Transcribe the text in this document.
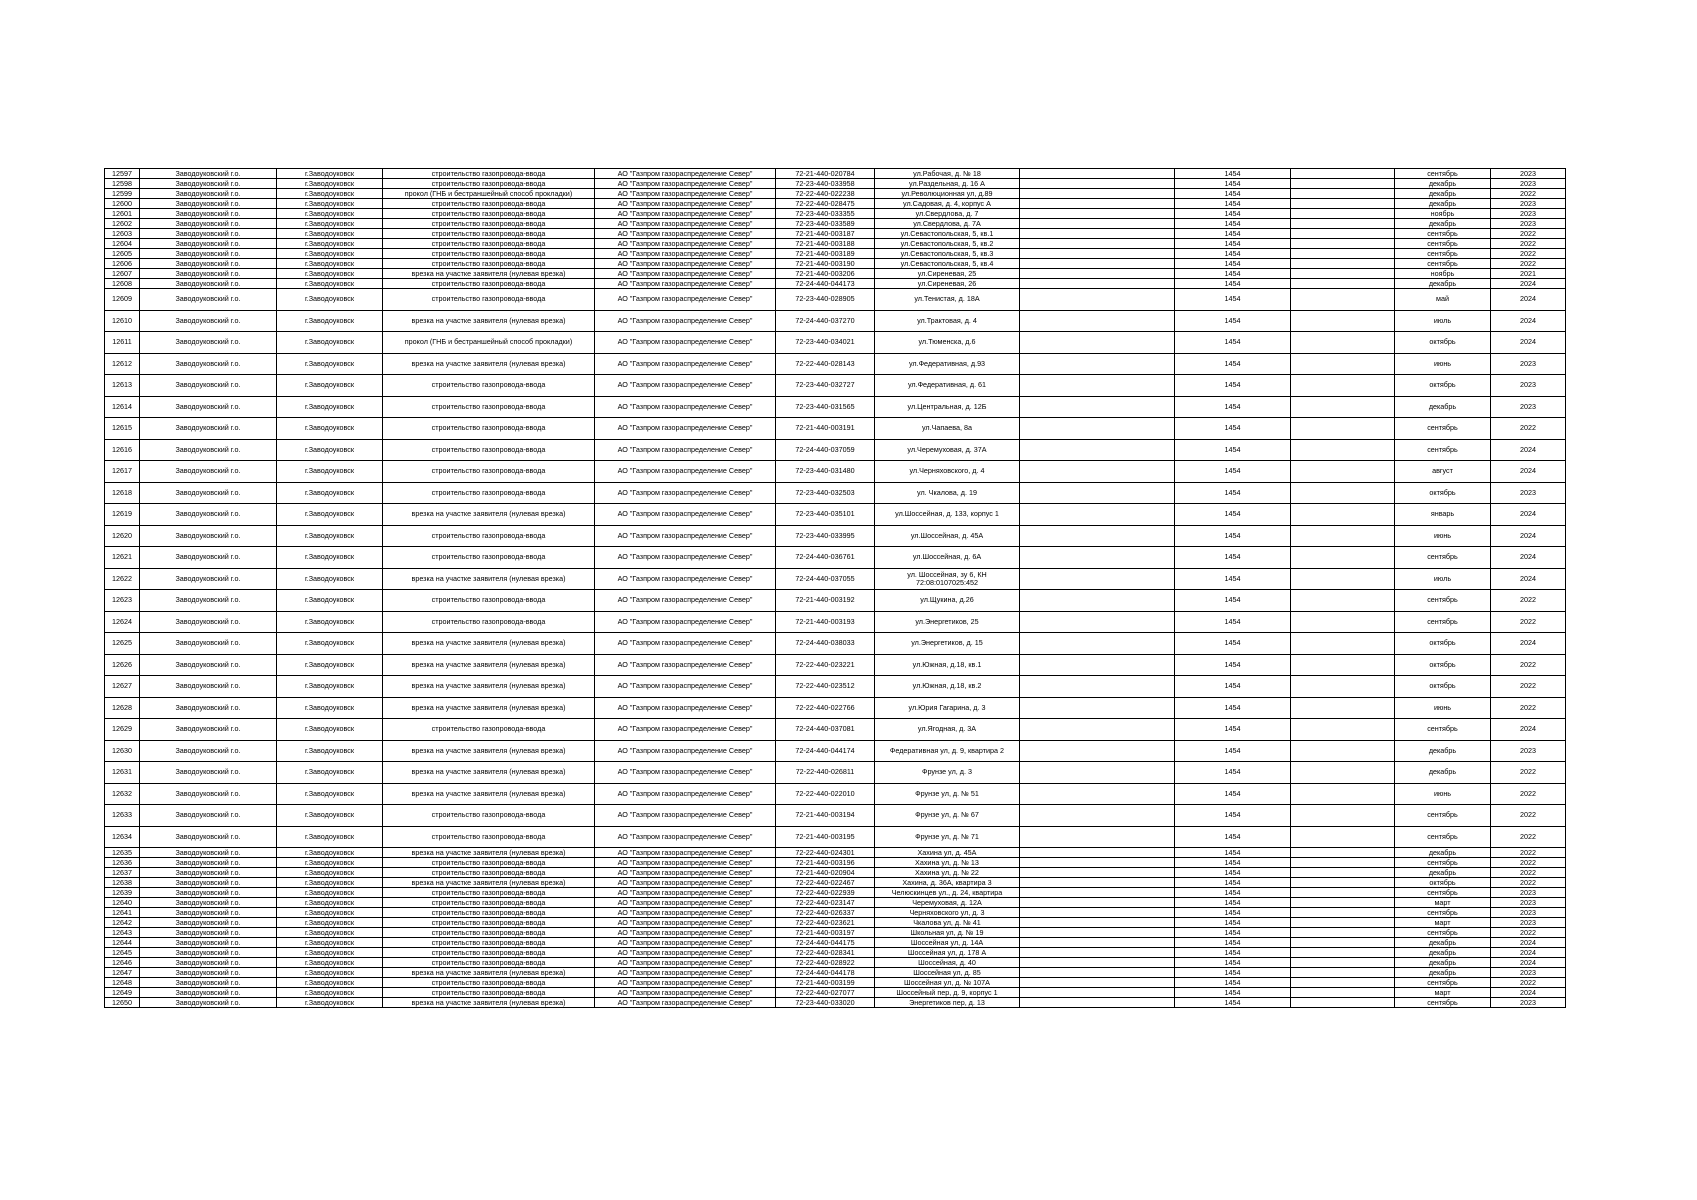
12597	Заводоуковский г.о.	г.Заводоуковск	строительство газопровода-ввода	АО "Газпром газораспределение Север"	72-21-440-020784	ул.Рабочая, д. № 18		1454		сентябрь	2023
12598	Заводоуковский г.о.	г.Заводоуковск	строительство газопровода-ввода	АО "Газпром газораспределение Север"	72-23-440-033958	ул.Раздельная, д. 16 А		1454		декабрь	2023
12599	Заводоуковский г.о.	г.Заводоуковск	прокол (ГНБ и бестраншейный способ прокладки)	АО "Газпром газораспределение Север"	72-22-440-022238	ул.Революционная ул, д.89		1454		декабрь	2022
12600	Заводоуковский г.о.	г.Заводоуковск	строительство газопровода-ввода	АО "Газпром газораспределение Север"	72-22-440-028475	ул.Садовая, д. 4, корпус А		1454		декабрь	2023
12601	Заводоуковский г.о.	г.Заводоуковск	строительство газопровода-ввода	АО "Газпром газораспределение Север"	72-23-440-033355	ул.Свердлова, д. 7		1454		ноябрь	2023
12602	Заводоуковский г.о.	г.Заводоуковск	строительство газопровода-ввода	АО "Газпром газораспределение Север"	72-23-440-033589	ул.Свердлова, д. 7А		1454		декабрь	2023
12603	Заводоуковский г.о.	г.Заводоуковск	строительство газопровода-ввода	АО "Газпром газораспределение Север"	72-21-440-003187	ул.Севастопольская, 5, кв.1		1454		сентябрь	2022
12604	Заводоуковский г.о.	г.Заводоуковск	строительство газопровода-ввода	АО "Газпром газораспределение Север"	72-21-440-003188	ул.Севастопольская, 5, кв.2		1454		сентябрь	2022
12605	Заводоуковский г.о.	г.Заводоуковск	строительство газопровода-ввода	АО "Газпром газораспределение Север"	72-21-440-003189	ул.Севастопольская, 5, кв.3		1454		сентябрь	2022
12606	Заводоуковский г.о.	г.Заводоуковск	строительство газопровода-ввода	АО "Газпром газораспределение Север"	72-21-440-003190	ул.Севастопольская, 5, кв.4		1454		сентябрь	2022
12607	Заводоуковский г.о.	г.Заводоуковск	врезка на участке заявителя (нулевая врезка)	АО "Газпром газораспределение Север"	72-21-440-003206	ул.Сиреневая, 25		1454		ноябрь	2021
12608	Заводоуковский г.о.	г.Заводоуковск	строительство газопровода-ввода	АО "Газпром газораспределение Север"	72-24-440-044173	ул.Сиреневая, 26		1454		декабрь	2024
12609	Заводоуковский г.о.	г.Заводоуковск	строительство газопровода-ввода	АО "Газпром газораспределение Север"	72-23-440-028905	ул.Тенистая, д. 18А		1454		май	2024
12610	Заводоуковский г.о.	г.Заводоуковск	врезка на участке заявителя (нулевая врезка)	АО "Газпром газораспределение Север"	72-24-440-037270	ул.Трактовая, д. 4		1454		июль	2024
12611	Заводоуковский г.о.	г.Заводоуковск	прокол (ГНБ и бестраншейный способ прокладки)	АО "Газпром газораспределение Север"	72-23-440-034021	ул.Тюменска, д.6		1454		октябрь	2024
12612	Заводоуковский г.о.	г.Заводоуковск	врезка на участке заявителя (нулевая врезка)	АО "Газпром газораспределение Север"	72-22-440-028143	ул.Федеративная, д.93		1454		июнь	2023
12613	Заводоуковский г.о.	г.Заводоуковск	строительство газопровода-ввода	АО "Газпром газораспределение Север"	72-23-440-032727	ул.Федеративная, д. 61		1454		октябрь	2023
12614	Заводоуковский г.о.	г.Заводоуковск	строительство газопровода-ввода	АО "Газпром газораспределение Север"	72-23-440-031565	ул.Центральная, д. 12Б		1454		декабрь	2023
12615	Заводоуковский г.о.	г.Заводоуковск	строительство газопровода-ввода	АО "Газпром газораспределение Север"	72-21-440-003191	ул.Чапаева, 8а		1454		сентябрь	2022
12616	Заводоуковский г.о.	г.Заводоуковск	строительство газопровода-ввода	АО "Газпром газораспределение Север"	72-24-440-037059	ул.Черемуховая, д. 37А		1454		сентябрь	2024
12617	Заводоуковский г.о.	г.Заводоуковск	строительство газопровода-ввода	АО "Газпром газораспределение Север"	72-23-440-031480	ул.Черняховского, д. 4		1454		август	2024
12618	Заводоуковский г.о.	г.Заводоуковск	строительство газопровода-ввода	АО "Газпром газораспределение Север"	72-23-440-032503	ул. Чкалова, д. 19		1454		октябрь	2023
12619	Заводоуковский г.о.	г.Заводоуковск	врезка на участке заявителя (нулевая врезка)	АО "Газпром газораспределение Север"	72-23-440-035101	ул.Шоссейная, д. 133, корпус 1		1454		январь	2024
12620	Заводоуковский г.о.	г.Заводоуковск	строительство газопровода-ввода	АО "Газпром газораспределение Север"	72-23-440-033995	ул.Шоссейная, д. 45А		1454		июнь	2024
12621	Заводоуковский г.о.	г.Заводоуковск	строительство газопровода-ввода	АО "Газпром газораспределение Север"	72-24-440-036761	ул.Шоссейная, д. 6А		1454		сентябрь	2024
12622	Заводоуковский г.о.	г.Заводоуковск	врезка на участке заявителя (нулевая врезка)	АО "Газпром газораспределение Север"	72-24-440-037055	ул. Шоссейная, зу 6, КН 72:08:0107025:452		1454		июль	2024
12623	Заводоуковский г.о.	г.Заводоуковск	строительство газопровода-ввода	АО "Газпром газораспределение Север"	72-21-440-003192	ул.Щукина, д.26		1454		сентябрь	2022
12624	Заводоуковский г.о.	г.Заводоуковск	строительство газопровода-ввода	АО "Газпром газораспределение Север"	72-21-440-003193	ул.Энергетиков, 25		1454		сентябрь	2022
12625	Заводоуковский г.о.	г.Заводоуковск	врезка на участке заявителя (нулевая врезка)	АО "Газпром газораспределение Север"	72-24-440-038033	ул.Энергетиков, д. 15		1454		октябрь	2024
12626	Заводоуковский г.о.	г.Заводоуковск	врезка на участке заявителя (нулевая врезка)	АО "Газпром газораспределение Север"	72-22-440-023221	ул.Южная, д.18, кв.1		1454		октябрь	2022
12627	Заводоуковский г.о.	г.Заводоуковск	врезка на участке заявителя (нулевая врезка)	АО "Газпром газораспределение Север"	72-22-440-023512	ул.Южная, д.18, кв.2		1454		октябрь	2022
12628	Заводоуковский г.о.	г.Заводоуковск	врезка на участке заявителя (нулевая врезка)	АО "Газпром газораспределение Север"	72-22-440-022766	ул.Юрия Гагарина, д. 3		1454		июнь	2022
12629	Заводоуковский г.о.	г.Заводоуковск	строительство газопровода-ввода	АО "Газпром газораспределение Север"	72-24-440-037081	ул.Ягодная, д. 3А		1454		сентябрь	2024
12630	Заводоуковский г.о.	г.Заводоуковск	врезка на участке заявителя (нулевая врезка)	АО "Газпром газораспределение Север"	72-24-440-044174	Федеративная ул, д. 9, квартира 2		1454		декабрь	2023
12631	Заводоуковский г.о.	г.Заводоуковск	врезка на участке заявителя (нулевая врезка)	АО "Газпром газораспределение Север"	72-22-440-026811	Фрунзе ул, д. 3		1454		декабрь	2022
12632	Заводоуковский г.о.	г.Заводоуковск	врезка на участке заявителя (нулевая врезка)	АО "Газпром газораспределение Север"	72-22-440-022010	Фрунзе ул, д. № 51		1454		июнь	2022
12633	Заводоуковский г.о.	г.Заводоуковск	строительство газопровода-ввода	АО "Газпром газораспределение Север"	72-21-440-003194	Фрунзе ул, д. № 67		1454		сентябрь	2022
12634	Заводоуковский г.о.	г.Заводоуковск	строительство газопровода-ввода	АО "Газпром газораспределение Север"	72-21-440-003195	Фрунзе ул, д. № 71		1454		сентябрь	2022
12635	Заводоуковский г.о.	г.Заводоуковск	врезка на участке заявителя (нулевая врезка)	АО "Газпром газораспределение Север"	72-22-440-024301	Хахина ул, д. 45А		1454		декабрь	2022
12636	Заводоуковский г.о.	г.Заводоуковск	строительство газопровода-ввода	АО "Газпром газораспределение Север"	72-21-440-003196	Хахина ул, д. № 13		1454		сентябрь	2022
12637	Заводоуковский г.о.	г.Заводоуковск	строительство газопровода-ввода	АО "Газпром газораспределение Север"	72-21-440-020904	Хахина ул, д. № 22		1454		декабрь	2022
12638	Заводоуковский г.о.	г.Заводоуковск	врезка на участке заявителя (нулевая врезка)	АО "Газпром газораспределение Север"	72-22-440-022467	Хахина, д. 36А, квартира 3		1454		октябрь	2022
12639	Заводоуковский г.о.	г.Заводоуковск	строительство газопровода-ввода	АО "Газпром газораспределение Север"	72-22-440-022939	Челюскинцев ул., д. 24, квартира		1454		сентябрь	2023
12640	Заводоуковский г.о.	г.Заводоуковск	строительство газопровода-ввода	АО "Газпром газораспределение Север"	72-22-440-023147	Черемуховая, д. 12А		1454		март	2023
12641	Заводоуковский г.о.	г.Заводоуковск	строительство газопровода-ввода	АО "Газпром газораспределение Север"	72-22-440-026337	Черняховского ул, д. 3		1454		сентябрь	2023
12642	Заводоуковский г.о.	г.Заводоуковск	строительство газопровода-ввода	АО "Газпром газораспределение Север"	72-22-440-023621	Чкалова ул, д. № 41		1454		март	2023
12643	Заводоуковский г.о.	г.Заводоуковск	строительство газопровода-ввода	АО "Газпром газораспределение Север"	72-21-440-003197	Школьная ул, д. № 19		1454		сентябрь	2022
12644	Заводоуковский г.о.	г.Заводоуковск	строительство газопровода-ввода	АО "Газпром газораспределение Север"	72-24-440-044175	Шоссейная ул, д. 14А		1454		декабрь	2024
12645	Заводоуковский г.о.	г.Заводоуковск	строительство газопровода-ввода	АО "Газпром газораспределение Север"	72-22-440-028341	Шоссейная ул, д. 178 А		1454		декабрь	2024
12646	Заводоуковский г.о.	г.Заводоуковск	строительство газопровода-ввода	АО "Газпром газораспределение Север"	72-22-440-028922	Шоссейная, д. 40		1454		декабрь	2024
12647	Заводоуковский г.о.	г.Заводоуковск	врезка на участке заявителя (нулевая врезка)	АО "Газпром газораспределение Север"	72-24-440-044178	Шоссейная ул, д. 85		1454		декабрь	2023
12648	Заводоуковский г.о.	г.Заводоуковск	строительство газопровода-ввода	АО "Газпром газораспределение Север"	72-21-440-003199	Шоссейная ул, д. № 107А		1454		сентябрь	2022
12649	Заводоуковский г.о.	г.Заводоуковск	строительство газопровода-ввода	АО "Газпром газораспределение Север"	72-22-440-027077	Шоссейный пер, д. 9, корпус 1		1454		март	2024
12650	Заводоуковский г.о.	г.Заводоуковск	врезка на участке заявителя (нулевая врезка)	АО "Газпром газораспределение Север"	72-23-440-033020	Энергетиков пер, д. 13		1454		сентябрь	2023
